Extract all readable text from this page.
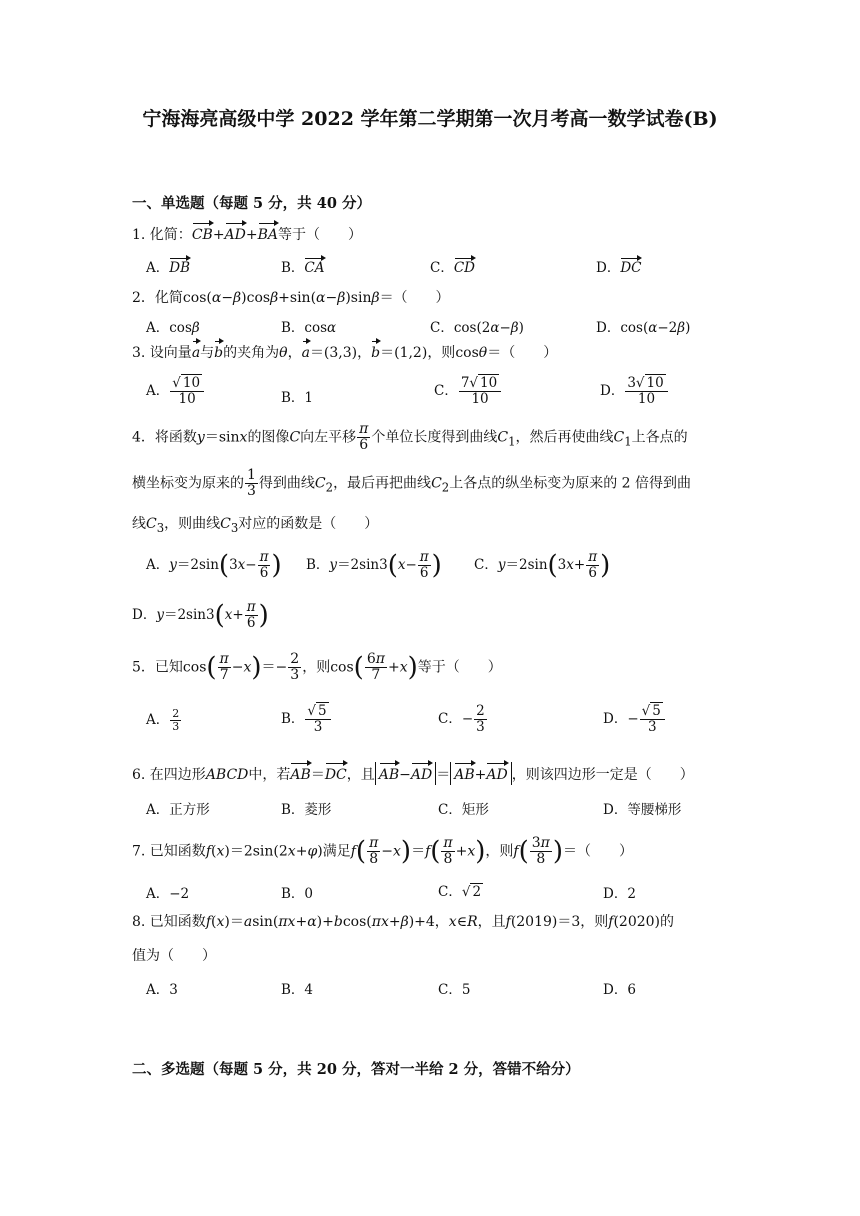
宁海海亮高级中学 2022 学年第二学期第一次月考高一数学试卷(B)
一、单选题（每题 5 分，共 40 分）
1. 化简：CB+AD+BA等于（　　）
A．DB	B．CA	C．CD	D．DC
2．化简cos(α−β)cosβ+sin(α−β)sinβ＝（　　）
A．cosβ	B．cosα	C．cos(2α−β)	D．cos(α−2β)
3. 设向量a与b的夹角为θ，a＝(3,3)，b＝(1,2)，则cosθ＝（　　）
A． $\frac{√ 10}{10}$	B．1	C． $\frac{7√ 10}{10}$	D． $\frac{3√ 10}{10}$
4．将函数y＝sinx的图像C向左平移 $\frac{\pi}{6}$ 个单位长度得到曲线$C_1$，然后再使曲线$C_1$上各点的
横坐标变为原来的 $\frac{1}{3}$ 得到曲线$C_2$，最后再把曲线$C_2$上各点的纵坐标变为原来的 2 倍得到曲
线$C_3$，则曲线$C_3$对应的函数是（　　）
A．$y=2\sin(3x- \frac{\pi}{6}$ ) B．$y=2\sin 3(x- \frac{\pi}{6}$ ) C．$y=2\sin(3x+ \frac{\pi}{6}$ )
D．$y=2\sin 3(x+ \frac{\pi}{6}$ )
5．已知$\cos( \frac{\pi}{7} -x)=- \frac{2}{3}$ ，则$\cos( \frac{6\pi}{7} +x)$等于（　　）
A． $\frac{2}{3}$	B． $\frac{√ 5}{3}$	C．− $\frac{2}{3}$	D．− $\frac{√ 5}{3}$
6. 在四边形ABCD中，若AB＝DC，且 AB−AD ＝ AB+AD ，则该四边形一定是（　　）
A．正方形	B．菱形	C．矩形	D．等腰梯形
7. 已知函数f(x)＝2sin(2x+φ)满足$f( \frac{\pi}{8} -x)=f( \frac{\pi}{8} +x)$，则$f( \frac{3\pi}{8}$ )＝（　　）
A．−2	B．0	C．√ 2	D．2
8. 已知函数f(x)＝asin(πx+α)+bcos(πx+β)+4，x∈R，且f(2019)＝3，则f(2020)的
值为（　　）
A．3	B．4	C．5	D．6
二、多选题（每题 5 分，共 20 分，答对一半给 2 分，答错不给分）
